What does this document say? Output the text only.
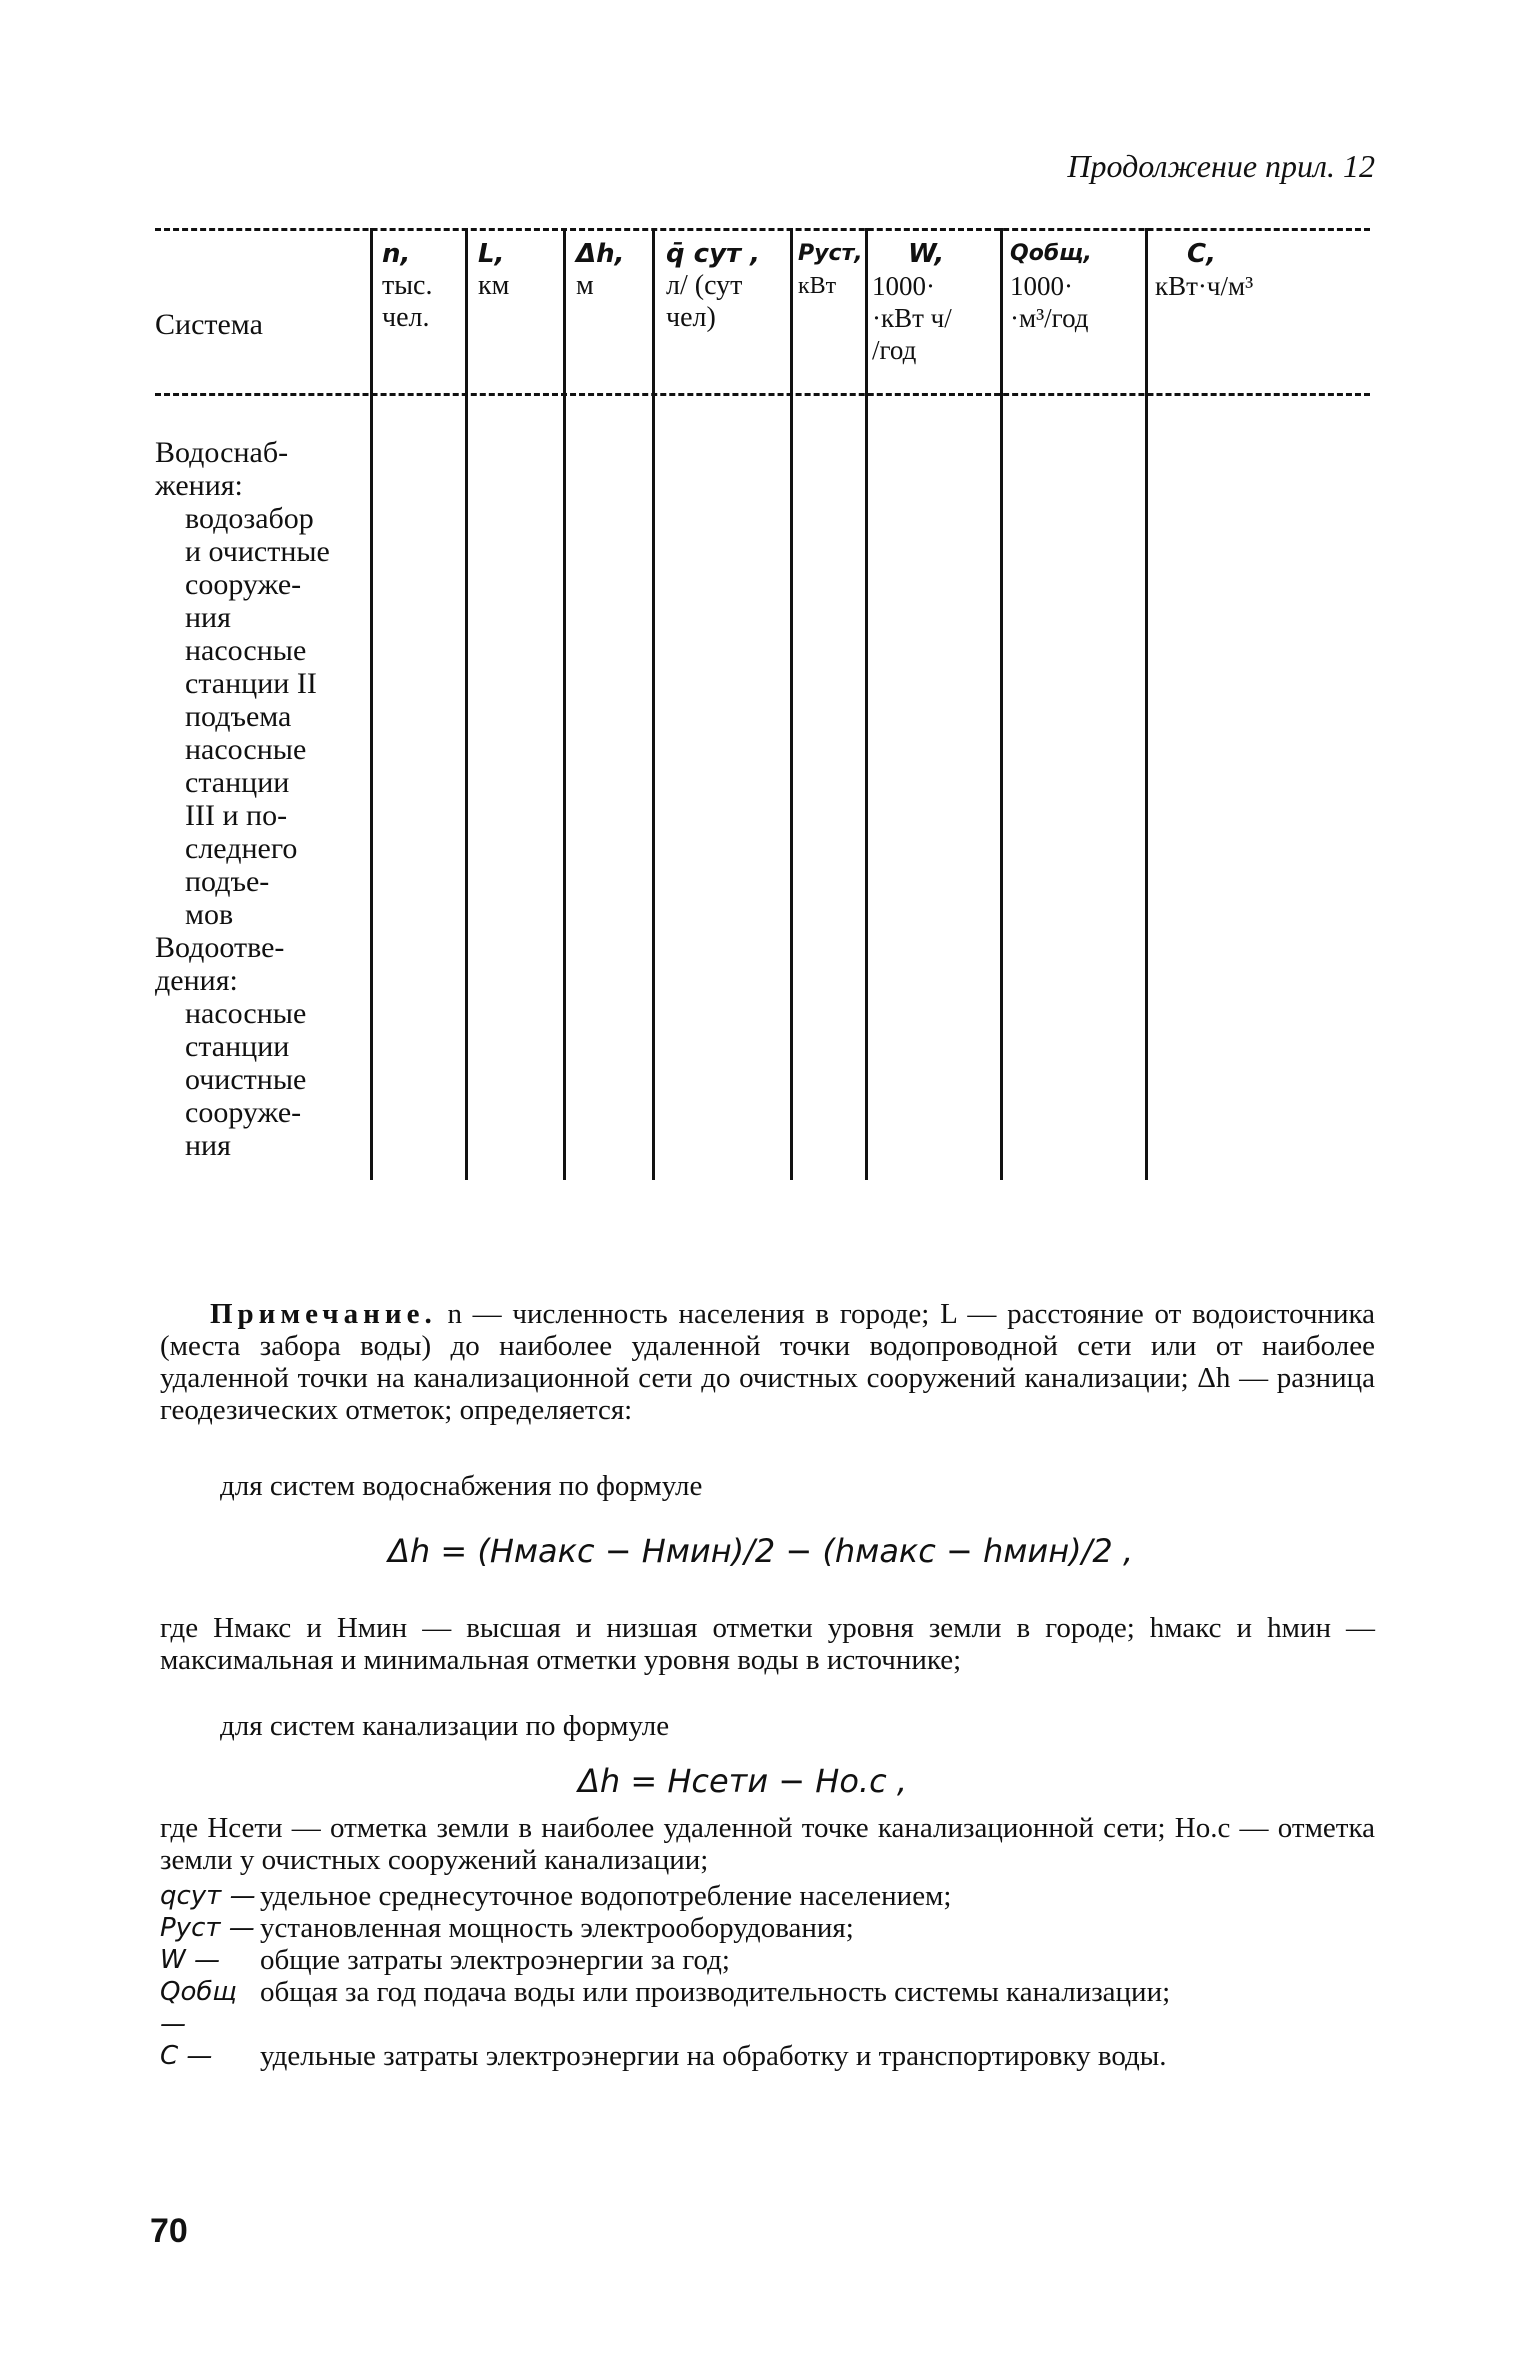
Продолжение прил. 12
Система
n,
тыс.
чел.
L,
км
Δh,
м
q̄ сут ,
л/ (сут
чел)
Pуст,
кВт
W,
1000·
·кВт ч/
/год
Qобщ,
1000·
·м³/год
C,
кВт·ч/м³
Водоснаб-
жения:
водозабор
и очистные
сооруже-
ния
насосные
станции II
подъема
насосные
станции
III и по-
следнего
подъе-
мов
Водоотве-
дения:
насосные
станции
очистные
сооруже-
ния
Примечание. n — численность населения в городе; L — расстояние от водоисточника (места забора воды) до наиболее удаленной точки водопроводной сети или от наиболее удаленной точки на канализационной сети до очистных сооружений канализации; Δh — разница геодезических отметок; определяется:
для систем водоснабжения по формуле
Δh = (Hмакс − Hмин)/2 − (hмакс − hмин)/2 ,
где Hмакс и Hмин — высшая и низшая отметки уровня земли в городе; hмакс и hмин — максимальная и минимальная отметки уровня воды в источнике;
для систем канализации по формуле
Δh = Hсети − Hо.с ,
где Hсети — отметка земли в наиболее удаленной точке канализационной сети; Hо.с — отметка земли у очистных сооружений канализации;
qсут — удельное среднесуточное водопотребление населением;
Pуст — установленная мощность электрооборудования;
W —	общие затраты электроэнергии за год;
Qобщ —
общая за год подача воды или производительность системы канализации;
C —	удельные затраты электроэнергии на обработку и транспортировку воды.
70
